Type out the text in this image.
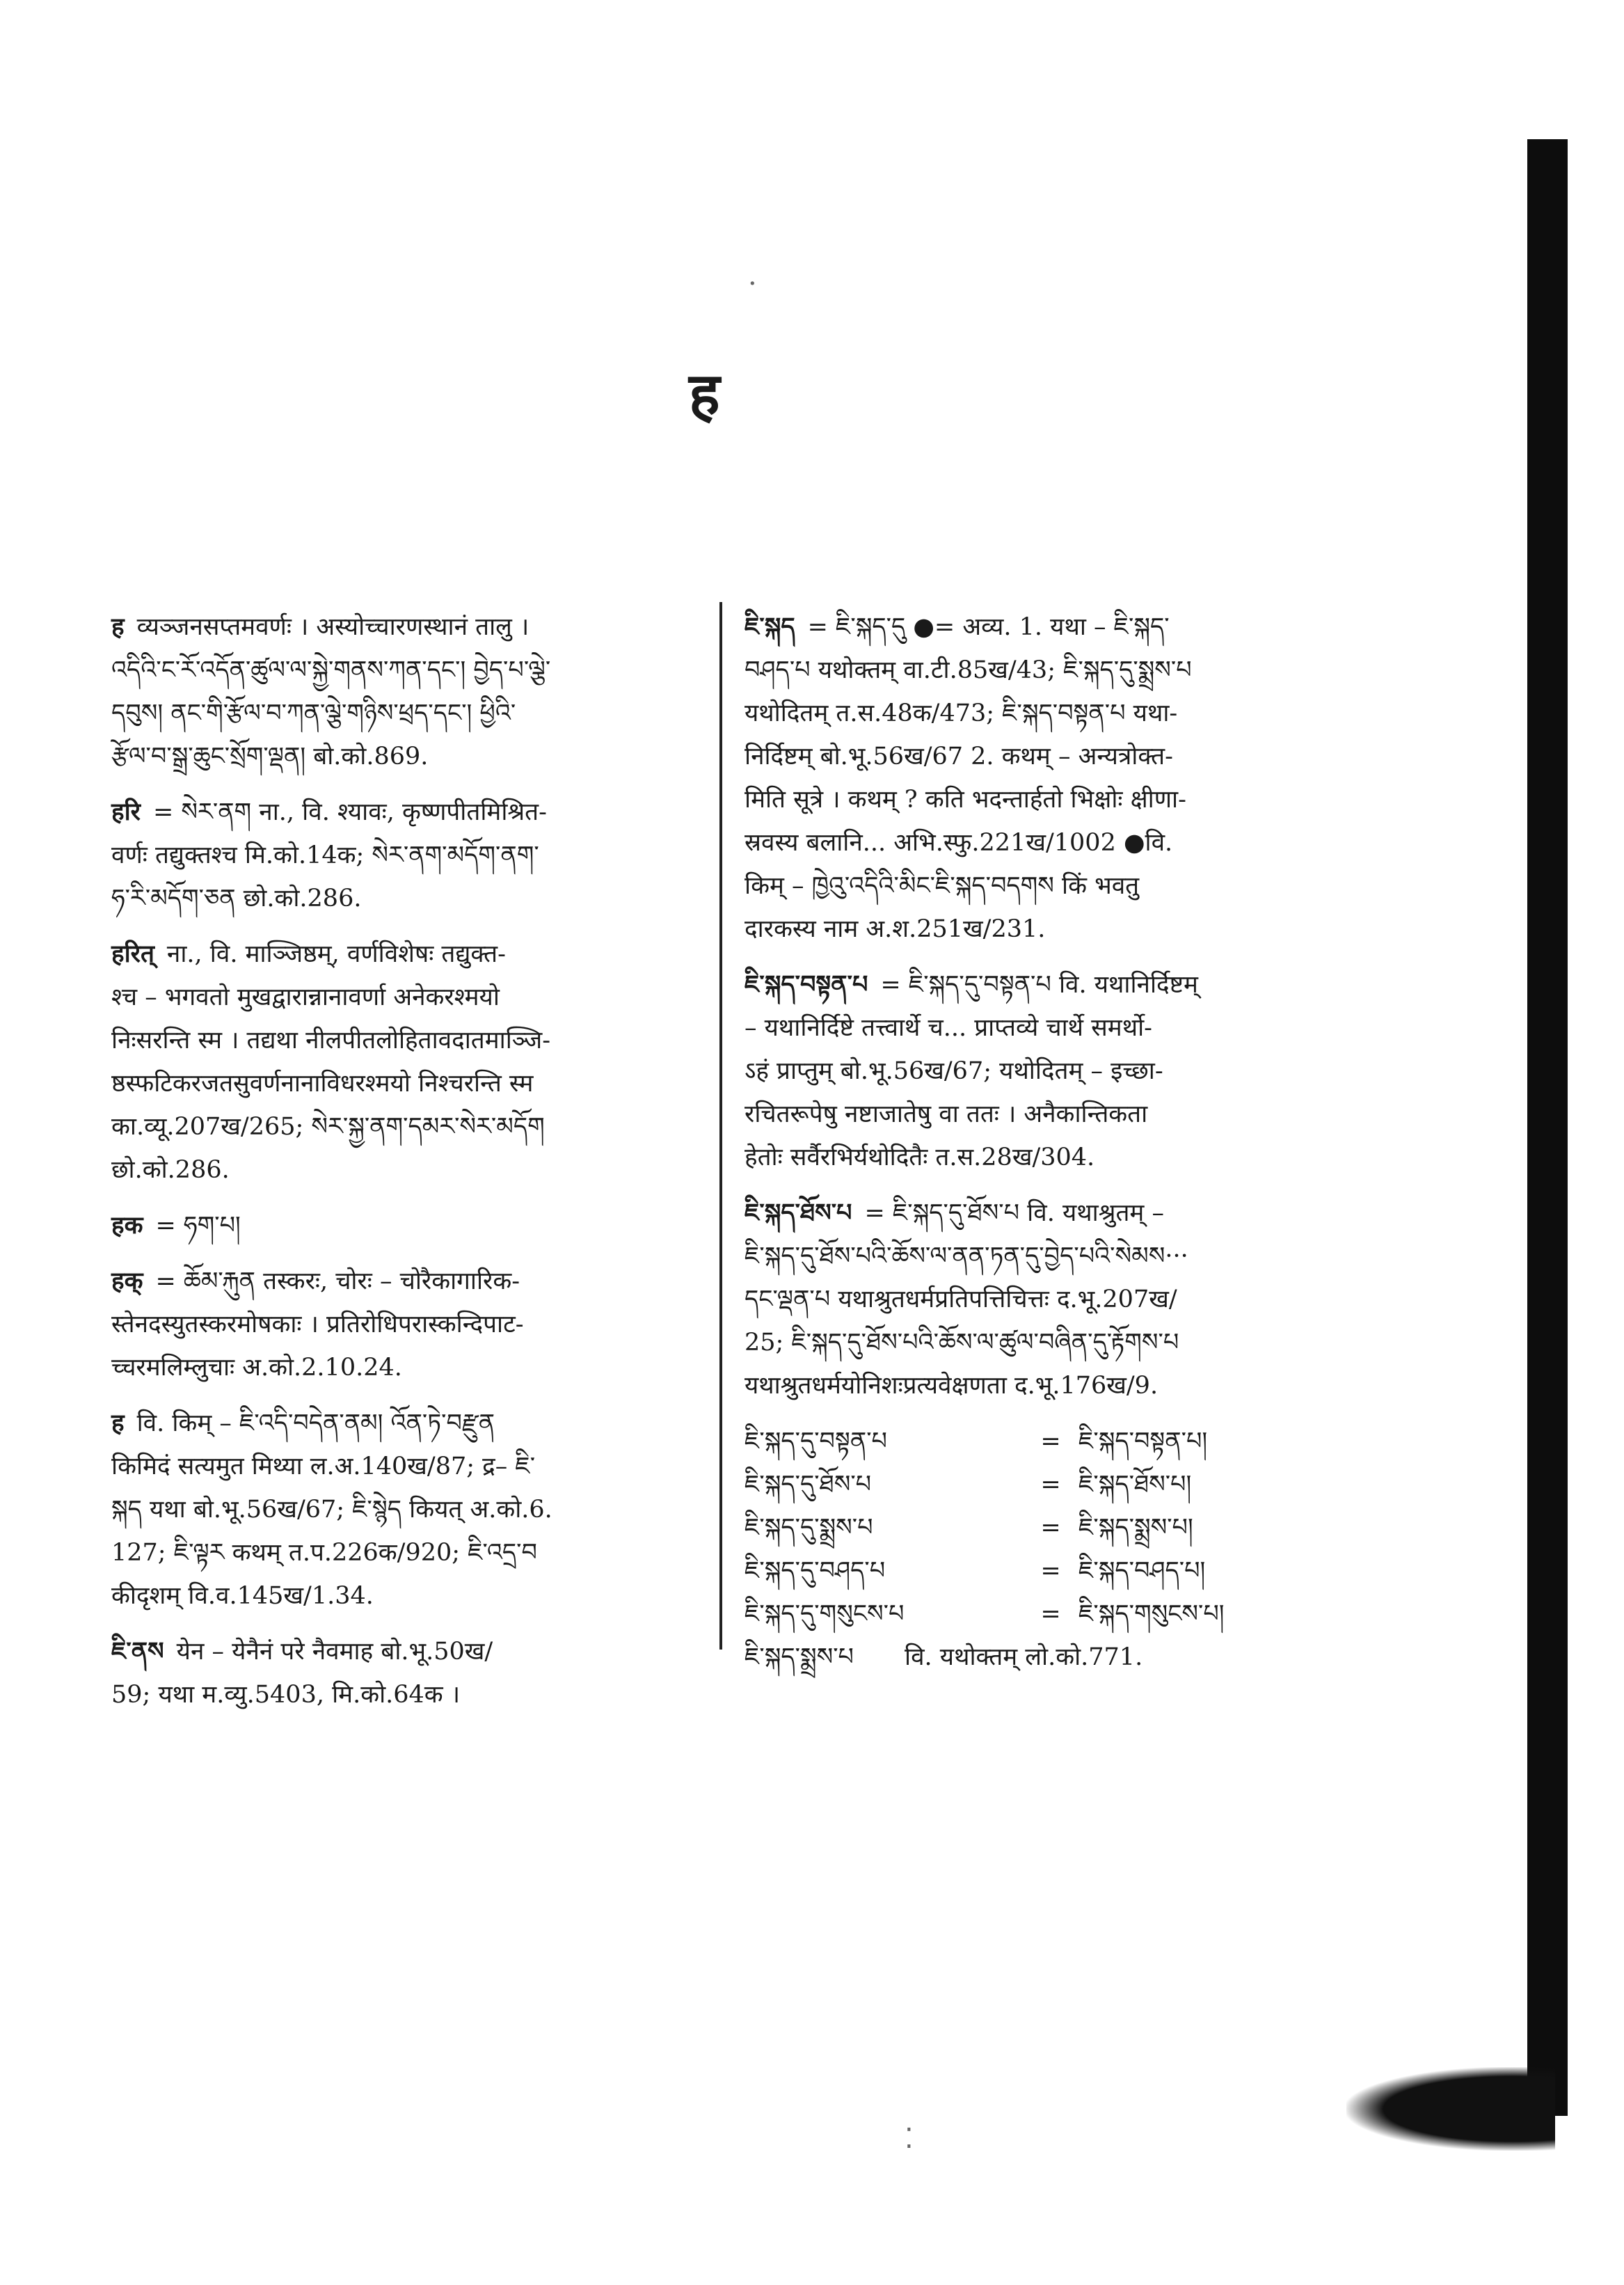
·
⁚
ह

ह व्यञ्जनसप्तमवर्णः । अस्योच्चारणस्थानं तालु ।

འདིའི་ང་རོ་འདོན་ཚུལ་ལ་སྐྱེ་གནས་ཀན་དང་། བྱེད་པ་ལྕེ་

དབུས། ནང་གི་རྩོལ་བ་ཀན་ལྕེ་གཉིས་ཕྲད་དང་། ཕྱིའི་

རྩོལ་བ་སྒྲ་ཆུང་སྲོག་ལྡན། बो.को.869.

हरि = སེར་ནག ना., वि. श्यावः, कृष्णपीतमिश्रित-

वर्णः तद्युक्तश्च मि.को.14क; སེར་ནག་མདོག་ནག་

ཧ་རི་མདོག་ཅན छो.को.286.

हरित् ना., वि. माञ्जिष्ठम्, वर्णविशेषः तद्युक्त-

श्च – भगवतो मुखद्वारान्नानावर्णा अनेकरश्मयो

निःसरन्ति स्म । तद्यथा नीलपीतलोहितावदातमाञ्जि-

ष्ठस्फटिकरजतसुवर्णनानाविधरश्मयो निश्चरन्ति स्म

का.व्यू.207ख/265; སེར་སྐྱ་ནག་དམར་སེར་མདོག

छो.को.286.

हक = ཧག་པ།

हक् = ཆོམ་རྐུན तस्करः, चोरः – चोरैकागारिक-

स्तेनदस्युतस्करमोषकाः । प्रतिरोधिपरास्कन्दिपाट-

च्चरमलिम्लुचाः अ.को.2.10.24.

ह वि. किम् – ཇི་འདི་བདེན་ནམ། འོན་ཏེ་བརྫུན

किमिदं सत्यमुत मिथ्या ल.अ.140ख/87; द्र– ཇི་

སྐད यथा बो.भू.56ख/67; ཇི་སྙེད कियत् अ.को.6.

127; ཇི་ལྟར कथम् त.प.226क/920; ཇི་འདྲ་བ

कीदृशम् वि.व.145ख/1.34.

ཇི་ནས येन – येनैनं परे नैवमाह बो.भू.50ख/

59; यथा म.व्यु.5403, मि.को.64क ।

ཇི་སྐད = ཇི་སྐད་དུ ●= अव्य. 1. यथा – ཇི་སྐད་

བཤད་པ यथोक्तम् वा.टी.85ख/43; ཇི་སྐད་དུ་སྨྲས་པ

यथोदितम् त.स.48क/473; ཇི་སྐད་བསྟན་པ यथा-

निर्दिष्टम् बो.भू.56ख/67 2. कथम् – अन्यत्रोक्त-

मिति सूत्रे । कथम् ? कति भदन्तार्हतो भिक्षोः क्षीणा-

स्रवस्य बलानि... अभि.स्फु.221ख/1002 ●वि.

किम् – ཁྱེའུ་འདིའི་མིང་ཇི་སྐད་བདགས किं भवतु

दारकस्य नाम अ.श.251ख/231.

ཇི་སྐད་བསྟན་པ = ཇི་སྐད་དུ་བསྟན་པ वि. यथानिर्दिष्टम्

– यथानिर्दिष्टे तत्त्वार्थे च... प्राप्तव्ये चार्थे समर्थो-

ऽहं प्राप्तुम् बो.भू.56ख/67; यथोदितम् – इच्छा-

रचितरूपेषु नष्टाजातेषु वा ततः । अनैकान्तिकता

हेतोः सर्वैरभिर्यथोदितैः त.स.28ख/304.

ཇི་སྐད་ཐོས་པ = ཇི་སྐད་དུ་ཐོས་པ वि. यथाश्रुतम् –

ཇི་སྐད་དུ་ཐོས་པའི་ཆོས་ལ་ནན་ཏན་དུ་བྱེད་པའི་སེམས···

དང་ལྡན་པ यथाश्रुतधर्मप्रतिपत्तिचित्तः द.भू.207ख/

25; ཇི་སྐད་དུ་ཐོས་པའི་ཆོས་ལ་ཚུལ་བཞིན་དུ་རྟོགས་པ

यथाश्रुतधर्मयोनिशःप्रत्यवेक्षणता द.भू.176ख/9.

ཇི་སྐད་དུ་བསྟན་པ	= ཇི་སྐད་བསྟན་པ།
ཇི་སྐད་དུ་ཐོས་པ	= ཇི་སྐད་ཐོས་པ།
ཇི་སྐད་དུ་སྨྲས་པ	= ཇི་སྐད་སྨྲས་པ།
ཇི་སྐད་དུ་བཤད་པ	= ཇི་སྐད་བཤད་པ།
ཇི་སྐད་དུ་གསུངས་པ	= ཇི་སྐད་གསུངས་པ།
ཇི་སྐད་སྨྲས་པ	वि. यथोक्तम् लो.को.771.
